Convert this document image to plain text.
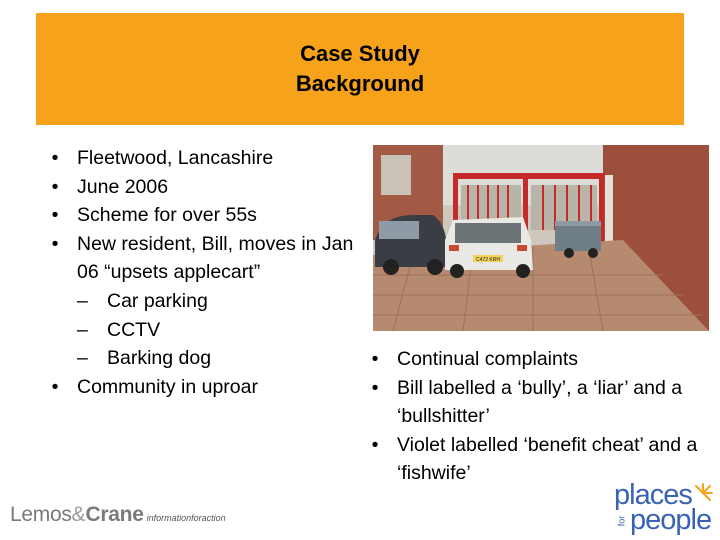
Case Study
Background
• Fleetwood, Lancashire
• June 2006
• Scheme for over 55s
• New resident, Bill, moves in Jan 06 “upsets applecart”
– Car parking
– CCTV
– Barking dog
• Community in uproar
C472 KRH
• Continual complaints
• Bill labelled a ‘bully’, a ‘liar’ and a ‘bullshitter’
• Violet labelled ‘benefit cheat’ and a ‘fishwife’
Lemos & Crane informationforaction
places
for people
